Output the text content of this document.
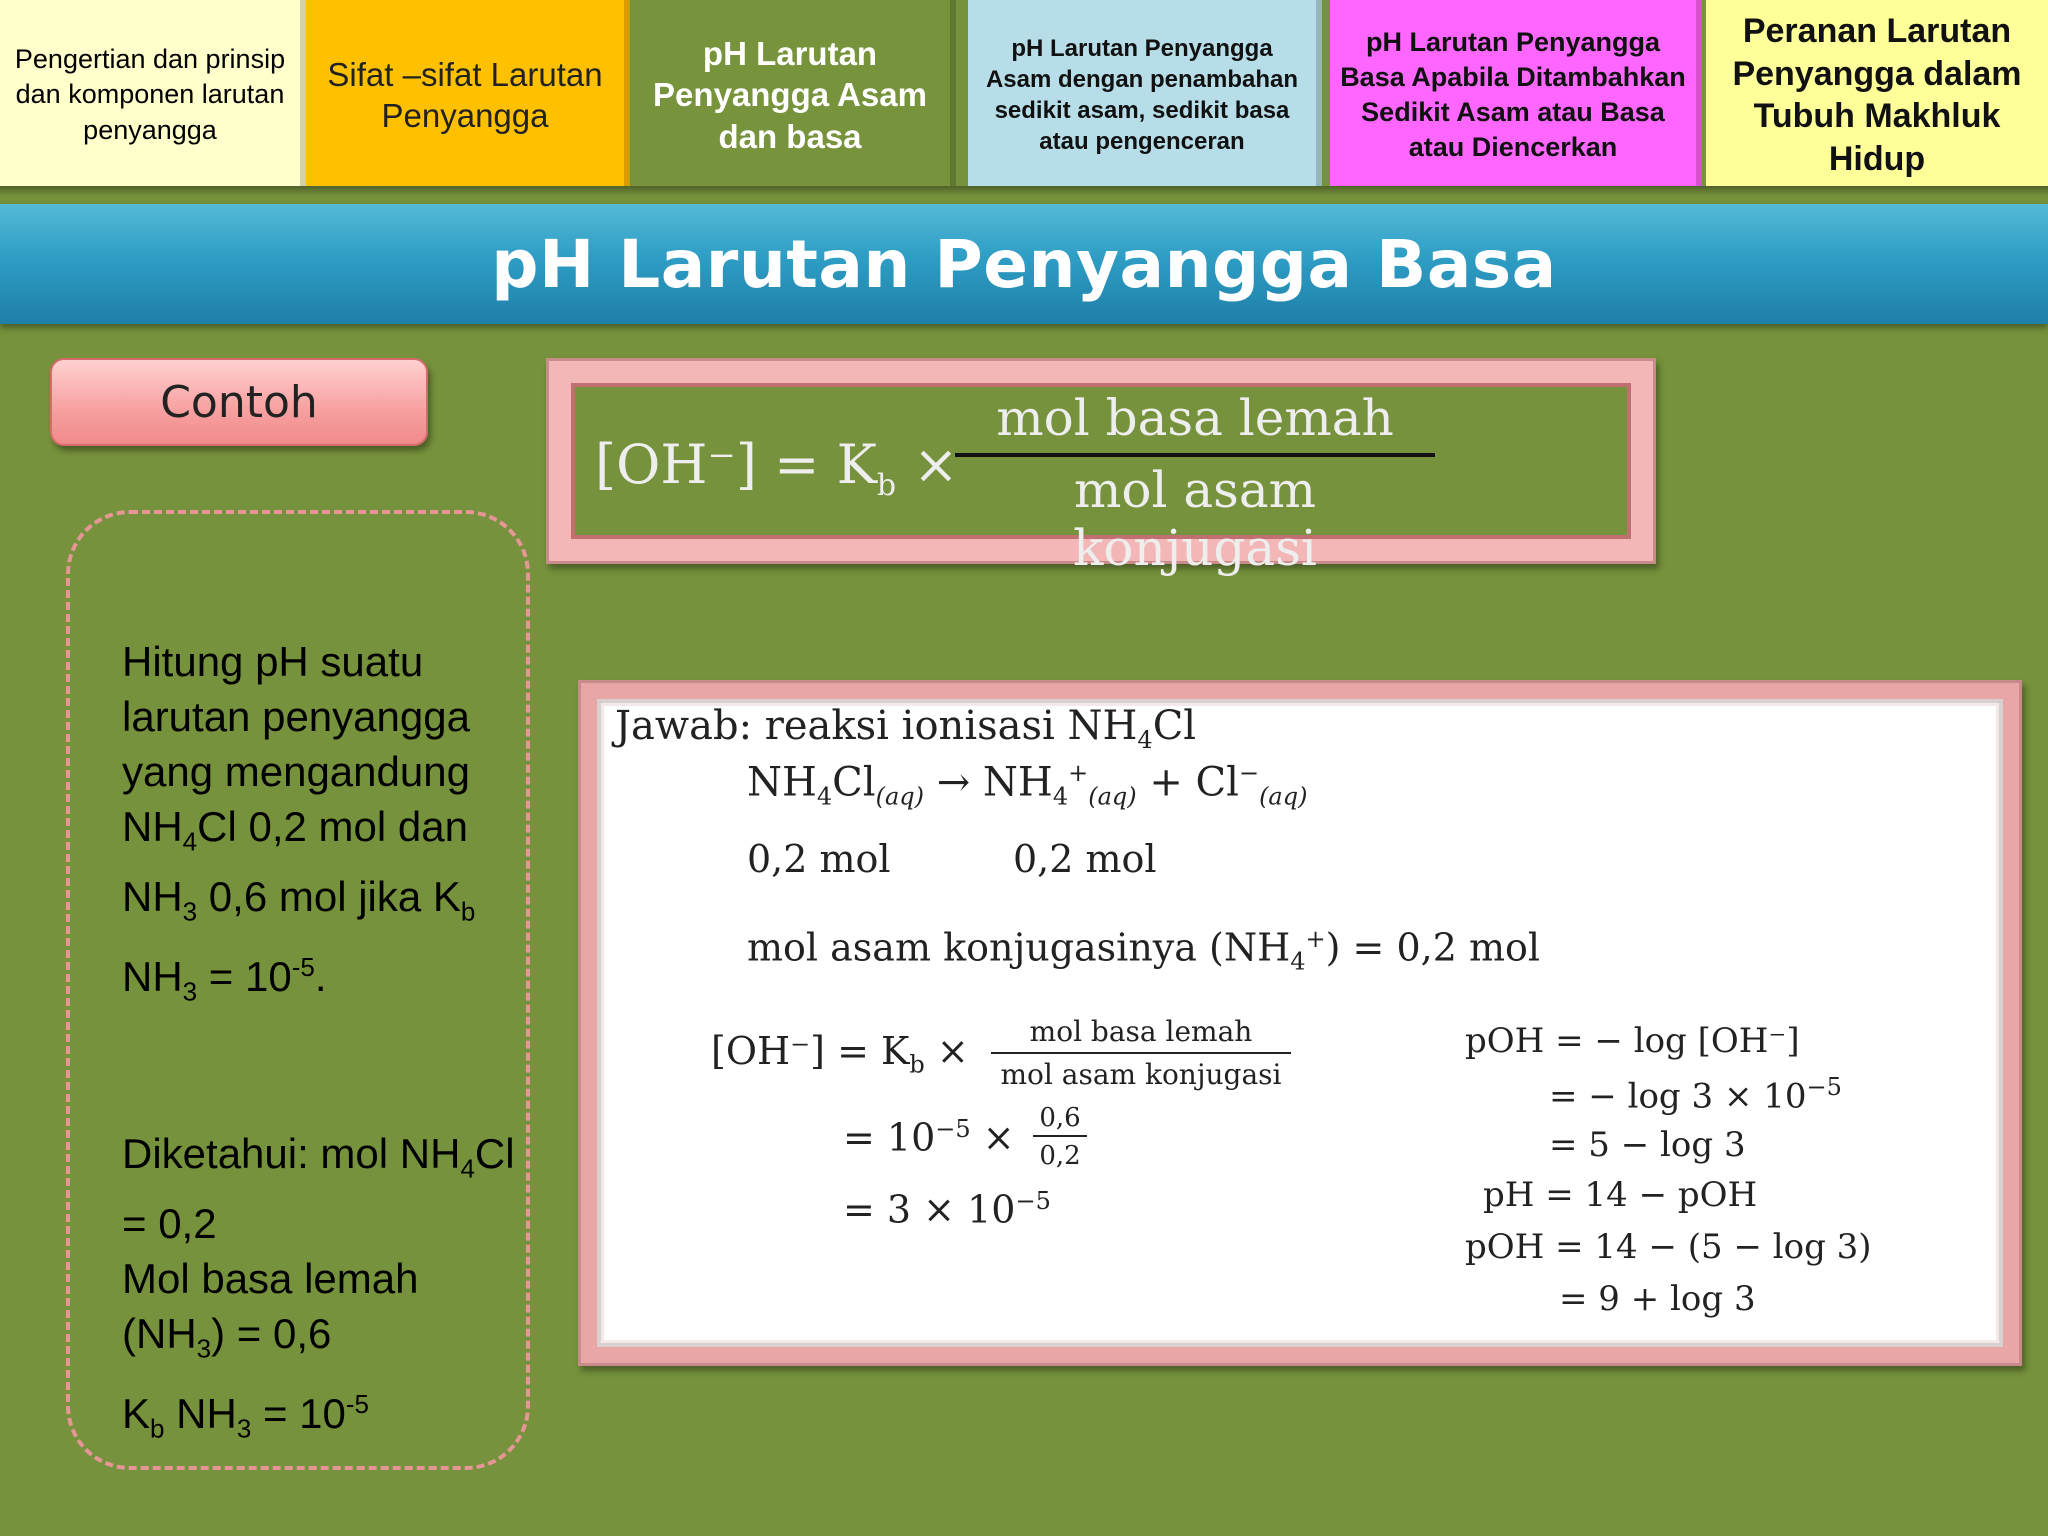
Pengertian dan prinsip dan komponen larutan penyangga
Sifat –sifat Larutan Penyangga
pH Larutan Penyangga Asam dan basa
pH Larutan Penyangga Asam dengan penambahan sedikit asam, sedikit basa atau pengenceran
pH Larutan Penyangga Basa Apabila Ditambahkan Sedikit Asam atau Basa atau Diencerkan
Peranan Larutan Penyangga dalam Tubuh Makhluk Hidup
pH Larutan Penyangga Basa
Contoh
$[OH^-] = K_b$ ×
mol basa lemah
mol asam konjugasi
Hitung pH suatu larutan penyangga yang mengandung $NH_4Cl$ 0,2 mol dan $NH_3$ 0,6 mol jika $K_b$ $NH_3 = 10^{-5}$.
Diketahui: mol $NH_4Cl = 0,2$
Mol basa lemah $(NH_3) = 0,6$
$K_b$ $NH_3 = 10^{-5}$
Jawab: reaksi ionisasi $NH_4Cl$
$NH_4Cl_{(aq)} \to NH_4^+_{(aq)} + Cl^-_{(aq)}$
0,2 mol	0,2 mol
mol asam konjugasinya $(NH_4^+) = 0,2$ mol
$[OH^-] = K_b$ ×	mol basa lemah
mol asam konjugasi
= $10^{-5} \times \frac{0,6}{0,2}$
= $3 \times 10^{-5}$
pOH = − log [OH⁻]
= − $\log 3 \times 10^{-5}$
= 5 − log 3
pH = 14 − pOH
pOH = 14 − (5 − log 3)
= 9 + log 3
